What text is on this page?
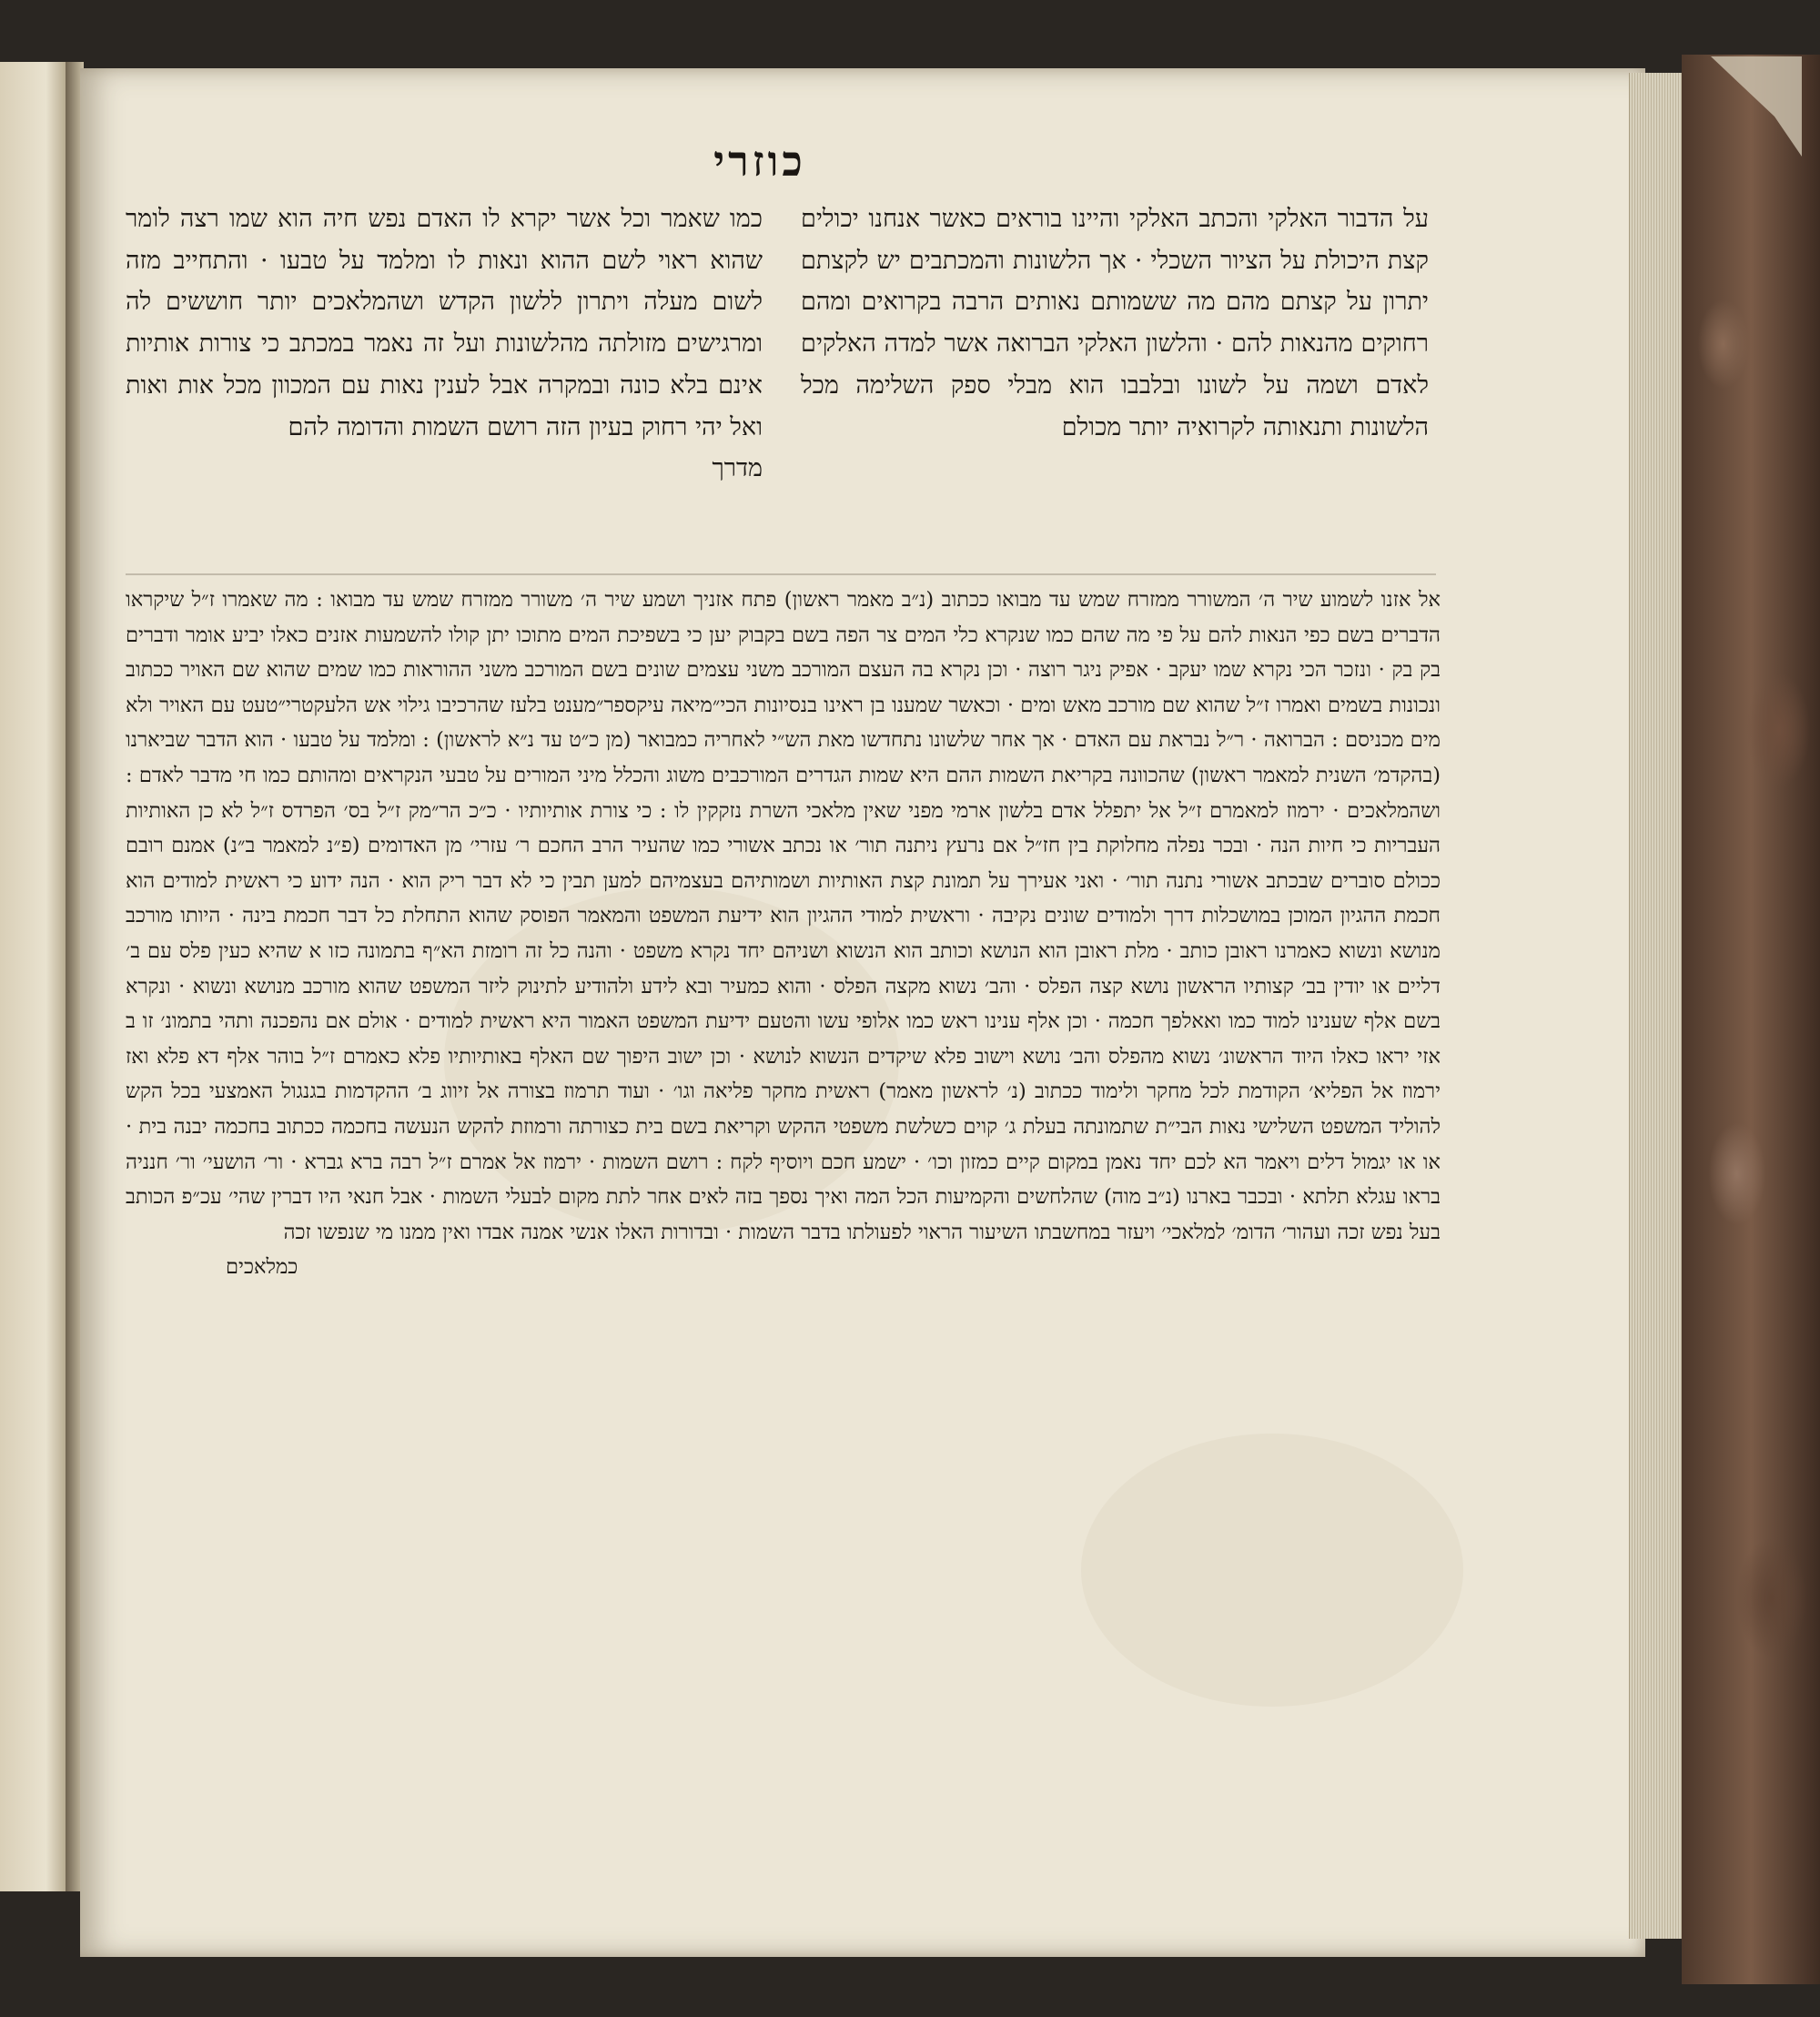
כוזרי
על הדבור האלקי והכתב האלקי והיינו בוראים כאשר אנחנו יכולים קצת היכולת על הציור השכלי · אך הלשונות והמכתבים יש לקצתם יתרון על קצתם מהם מה ששמותם נאותים הרבה בקרואים ומהם רחוקים מהנאות להם · והלשון האלקי הברואה אשר למדה האלקים לאדם ושמה על לשונו ובלבבו הוא מבלי ספק השלימה מכל הלשונות ותנאותה לקרואיה יותר מכולם
כמו שאמר וכל אשר יקרא לו האדם נפש חיה הוא שמו רצה לומר שהוא ראוי לשם ההוא ונאות לו ומלמד על טבעו · והתחייב מזה לשום מעלה ויתרון ללשון הקדש ושהמלאכים יותר חוששים לה ומרגישים מזולתה מהלשונות ועל זה נאמר במכתב כי צורות אותיות אינם בלא כונה ובמקרה אבל לענין נאות עם המכוון מכל אות ואות ואל יהי רחוק בעיון הזה רושם השמות והדומה להם
מדרך
אל אזנו לשמוע שיר ה׳ המשורר ממזרח שמש עד מבואו ככתוב (נ״ב מאמר ראשון) פתח אזניך ושמע שיר ה׳ משורר ממזרח שמש עד מבואו : מה שאמרו ז״ל שיקראו הדברים בשם כפי הנאות להם על פי מה שהם כמו שנקרא כלי המים צר הפה בשם בקבוק יען כי בשפיכת המים מתוכו יתן קולו להשמעות אזנים כאלו יביע אומר ודברים בק בק · ונזכר הכי נקרא שמו יעקב · אפיק ניגר רוצה · וכן נקרא בה העצם המורכב משני עצמים שונים בשם המורכב משני ההוראות כמו שמים שהוא שם האויר ככתוב ונכונות בשמים ואמרו ז״ל שהוא שם מורכב מאש ומים · וכאשר שמענו בן ראינו בנסיונות הכי״מיאה עיקספר״מענט בלעז שהרכיבו גילוי אש הלעקטרי״טעט עם האויר ולא מים מכניסם : הברואה · ר״ל נבראת עם האדם · אך אחר שלשונו נתחדשו מאת הש״י לאחריה כמבואר (מן כ״ט עד נ״א לראשון) : ומלמד על טבעו · הוא הדבר שביארנו (בהקדמ׳ השנית למאמר ראשון) שהכוונה בקריאת השמות ההם היא שמות הגדרים המורכבים משוג והכלל מיני המורים על טבעי הנקראים ומהותם כמו חי מדבר לאדם : ושהמלאכים · ירמוז למאמרם ז״ל אל יתפלל אדם בלשון ארמי מפני שאין מלאכי השרת נזקקין לו : כי צורת אותיותיו · כ״כ הר״מק ז״ל בס׳ הפרדס ז״ל לא כן האותיות העבריות כי חיות הנה · ובכר נפלה מחלוקת בין חז״ל אם נרעץ ניתנה תור׳ או נכתב אשורי כמו שהעיר הרב החכם ר׳ עזרי׳ מן האדומים (פ״נ למאמר ב״נ) אמנם רובם ככולם סוברים שבכתב אשורי נתנה תור׳ · ואני אעירך על תמונת קצת האותיות ושמותיהם בעצמיהם למען תבין כי לא דבר ריק הוא · הנה ידוע כי ראשית למודים הוא חכמת ההגיון המוכן במושכלות דרך ולמודים שונים נקיבה · וראשית למודי ההגיון הוא ידיעת המשפט והמאמר הפוסק שהוא התחלת כל דבר חכמת בינה · היותו מורכב מנושא ונשוא כאמרנו ראובן כותב · מלת ראובן הוא הנושא וכותב הוא הנשוא ושניהם יחד נקרא משפט · והנה כל זה רומזת הא״ף בתמונה כזו א שהיא כעין פלס עם ב׳ דליים או יודין בב׳ קצותיו הראשון נושא קצה הפלס · והב׳ נשוא מקצה הפלס · והוא כמעיר ובא לידע ולהודיע לתינוק ליזר המשפט שהוא מורכב מנושא ונשוא · ונקרא בשם אלף שענינו למוד כמו ואאלפך חכמה · וכן אלף ענינו ראש כמו אלופי עשו והטעם ידיעת המשפט האמור היא ראשית למודים · אולם אם נהפכנה ותהי בתמונ׳ זו ב אזי יראו כאלו היוד הראשונ׳ נשוא מהפלס והב׳ נושא וישוב פלא שיקדים הנשוא לנושא · וכן ישוב היפוך שם האלף באותיותיו פלא כאמרם ז״ל בוהר אלף דא פלא ואז ירמוז אל הפליא׳ הקודמת לכל מחקר ולימוד ככתוב (נ׳ לראשון מאמר) ראשית מחקר פליאה וגו׳ · ועוד תרמוז בצורה אל זיווג ב׳ ההקדמות בגנגול האמצעי בכל הקש להוליד המשפט השלישי נאות הבי״ת שתמונתה בעלת ג׳ קוים כשלשת משפטי ההקש וקריאת בשם בית כצורתה ורמוזת להקש הנעשה בחכמה ככתוב בחכמה יבנה בית · או או יגמול דלים ויאמר הא לכם יחד נאמן במקום קיים כמזון וכו׳ · ישמע חכם ויוסיף לקח : רושם השמות · ירמוז אל אמרם ז״ל רבה ברא גברא · ור׳ הושעי׳ ור׳ חנניה בראו עגלא תלתא · ובכבר בארנו (נ״ב מוה) שהלחשים והקמיעות הכל המה ואיך נספך בזה לאים אחר לתת מקום לבעלי השמות · אבל חנאי היו דברין שהי׳ עכ״פ הכותב בעל נפש זכה ועהור׳ הדומ׳ למלאכי׳ ויעזר במחשבתו השיעור הראוי לפעולתו בדבר השמות · ובדורות האלו אנשי אמנה אבדו ואין ממנו מי שנפשו זכה
כמלאכים
